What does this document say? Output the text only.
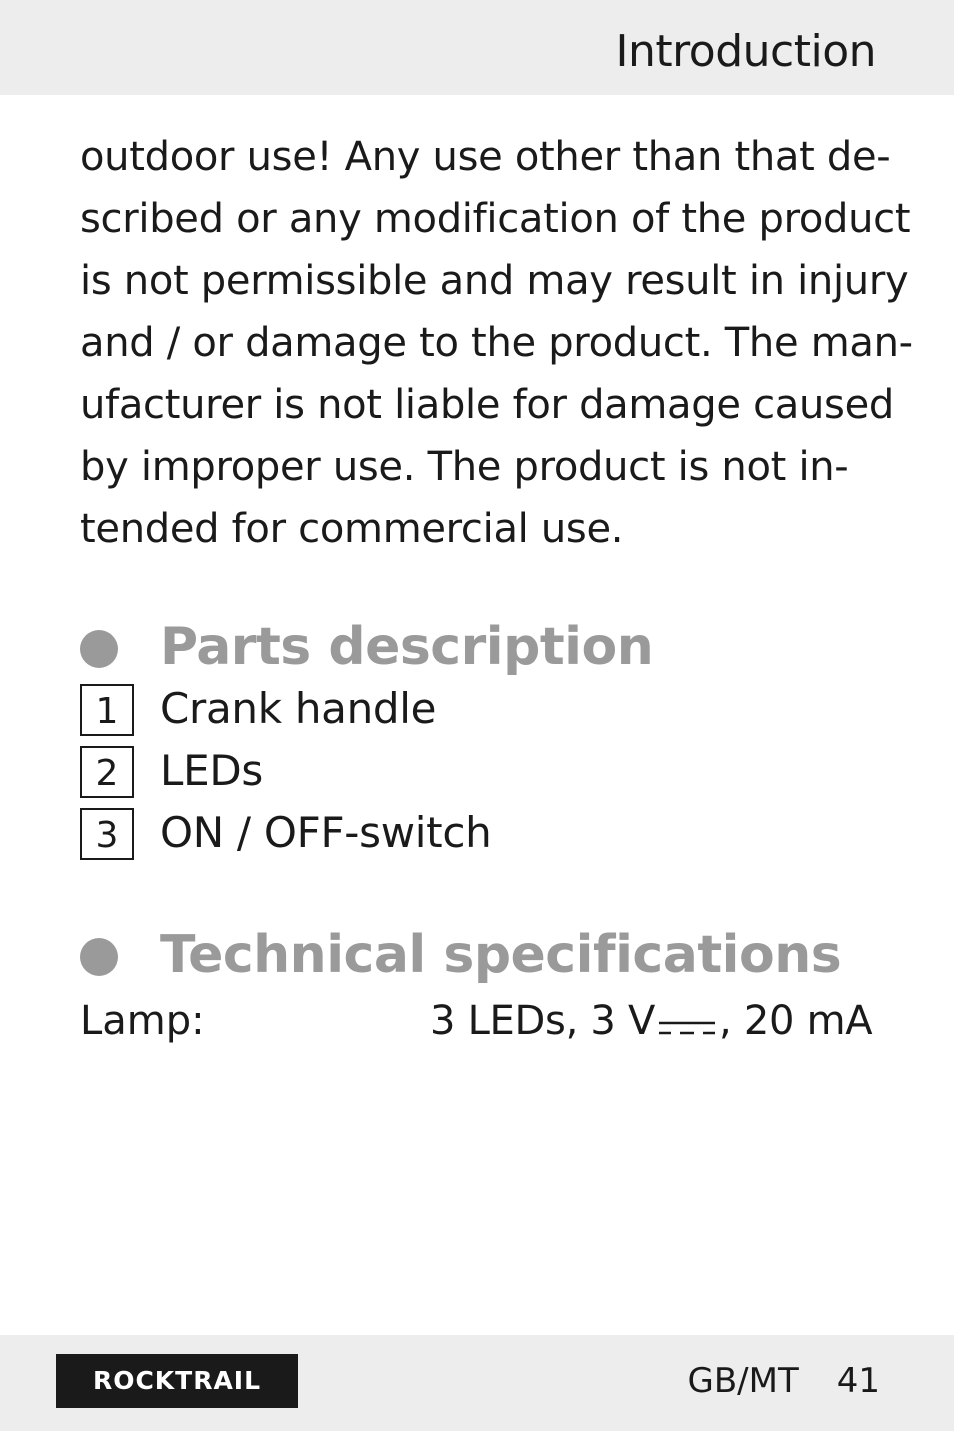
Introduction
outdoor use! Any use other than that de-
scribed or any modification of the product
is not permissible and may result in injury
and / or damage to the product. The man-
ufacturer is not liable for damage caused
by improper use. The product is not in-
tended for commercial use.
Parts description
1 Crank handle
2 LEDs
3 ON / OFF-switch
Technical specifications
Lamp:	3 LEDs, 3 V , 20 mA
ROCKTRAIL	GB/MT 41
